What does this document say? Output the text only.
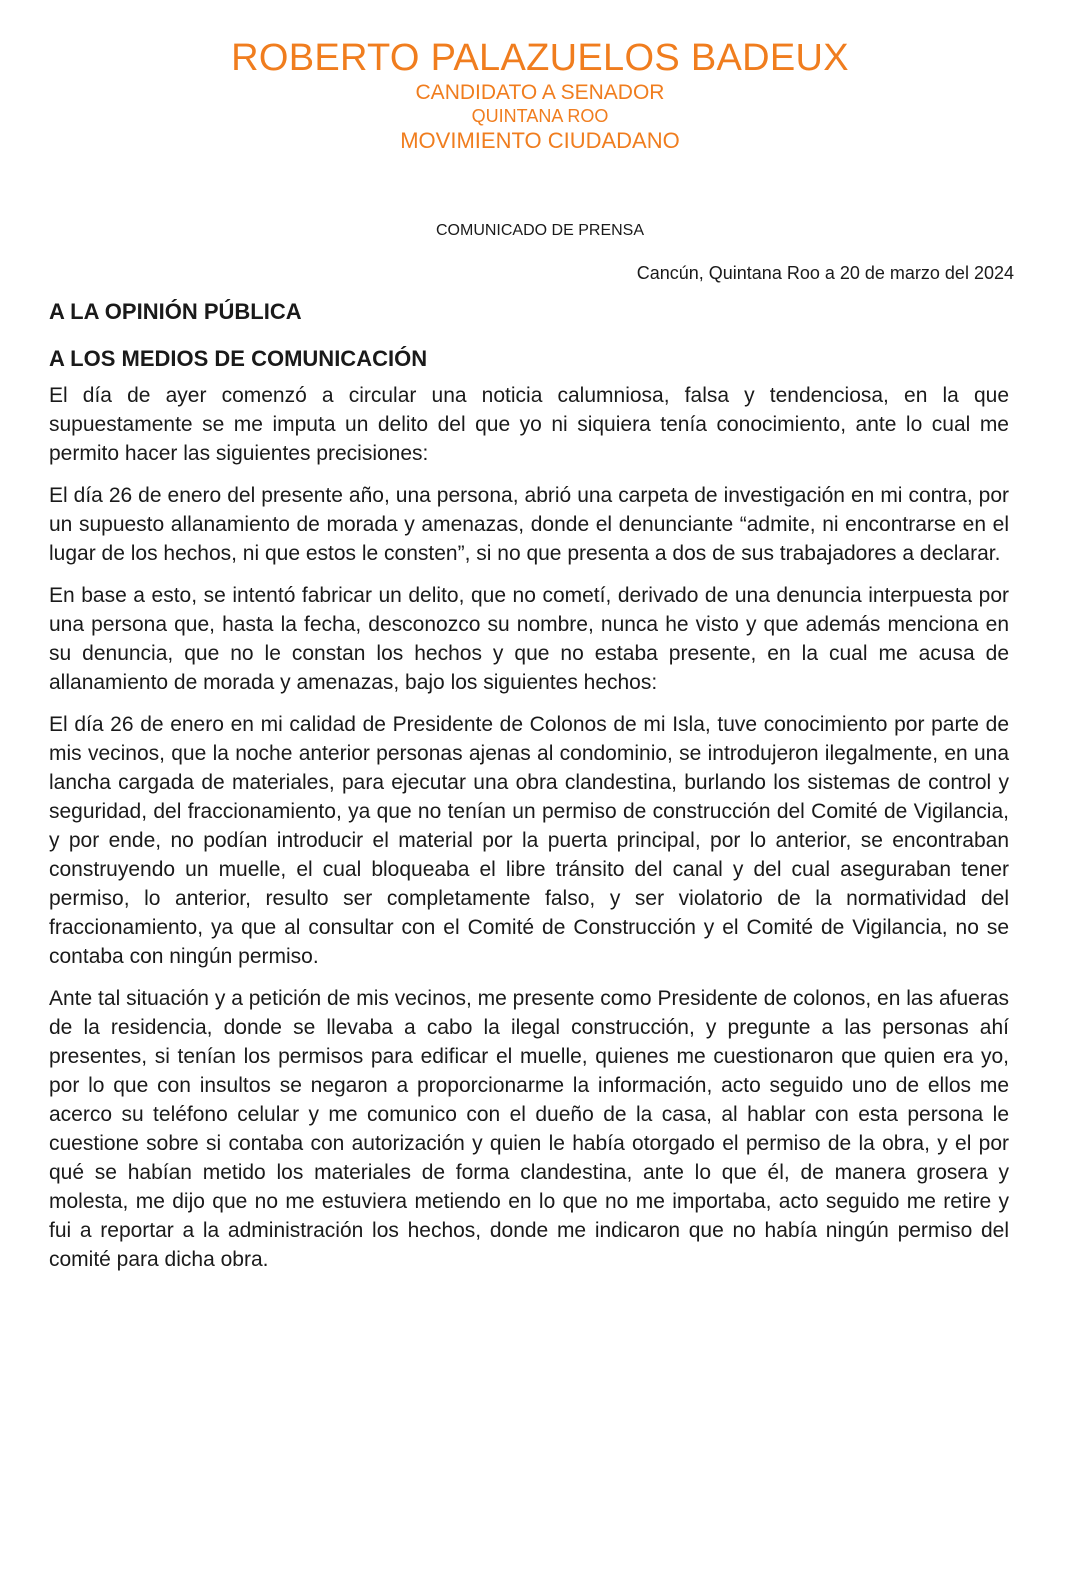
ROBERTO PALAZUELOS BADEUX
CANDIDATO A SENADOR
QUINTANA ROO
MOVIMIENTO CIUDADANO
COMUNICADO DE PRENSA
Cancún, Quintana Roo a 20 de marzo del 2024
A LA OPINIÓN PÚBLICA
A LOS MEDIOS DE COMUNICACIÓN

El día de ayer comenzó a circular una noticia calumniosa, falsa y tendenciosa, en la que supuestamente se me imputa un delito del que yo ni siquiera tenía conocimiento, ante lo cual me permito hacer las siguientes precisiones:

El día 26 de enero del presente año, una persona, abrió una carpeta de investigación en mi contra, por un supuesto allanamiento de morada y amenazas, donde el denunciante “admite, ni encontrarse en el lugar de los hechos, ni que estos le consten”, si no que presenta a dos de sus trabajadores a declarar.

En base a esto, se intentó fabricar un delito, que no cometí, derivado de una denuncia interpuesta por una persona que, hasta la fecha, desconozco su nombre, nunca he visto y que además menciona en su denuncia, que no le constan los hechos y que no estaba presente, en la cual me acusa de allanamiento de morada y amenazas, bajo los siguientes hechos:

El día 26 de enero en mi calidad de Presidente de Colonos de mi Isla, tuve conocimiento por parte de mis vecinos, que la noche anterior personas ajenas al condominio, se introdujeron ilegalmente, en una lancha cargada de materiales, para ejecutar una obra clandestina, burlando los sistemas de control y seguridad, del fraccionamiento, ya que no tenían un permiso de construcción del Comité de Vigilancia, y por ende, no podían introducir el material por la puerta principal, por lo anterior, se encontraban construyendo un muelle, el cual bloqueaba el libre tránsito del canal y del cual aseguraban tener permiso, lo anterior, resulto ser completamente falso, y ser violatorio de la normatividad del fraccionamiento, ya que al consultar con el Comité de Construcción y el Comité de Vigilancia, no se contaba con ningún permiso.

Ante tal situación y a petición de mis vecinos, me presente como Presidente de colonos, en las afueras de la residencia, donde se llevaba a cabo la ilegal construcción, y pregunte a las personas ahí presentes, si tenían los permisos para edificar el muelle, quienes me cuestionaron que quien era yo, por lo que con insultos se negaron a proporcionarme la información, acto seguido uno de ellos me acerco su teléfono celular y me comunico con el dueño de la casa, al hablar con esta persona le cuestione sobre si contaba con autorización y quien le había otorgado el permiso de la obra, y el por qué se habían metido los materiales de forma clandestina, ante lo que él, de manera grosera y molesta, me dijo que no me estuviera metiendo en lo que no me importaba, acto seguido me retire y fui a reportar a la administración los hechos, donde me indicaron que no había ningún permiso del comité para dicha obra.
